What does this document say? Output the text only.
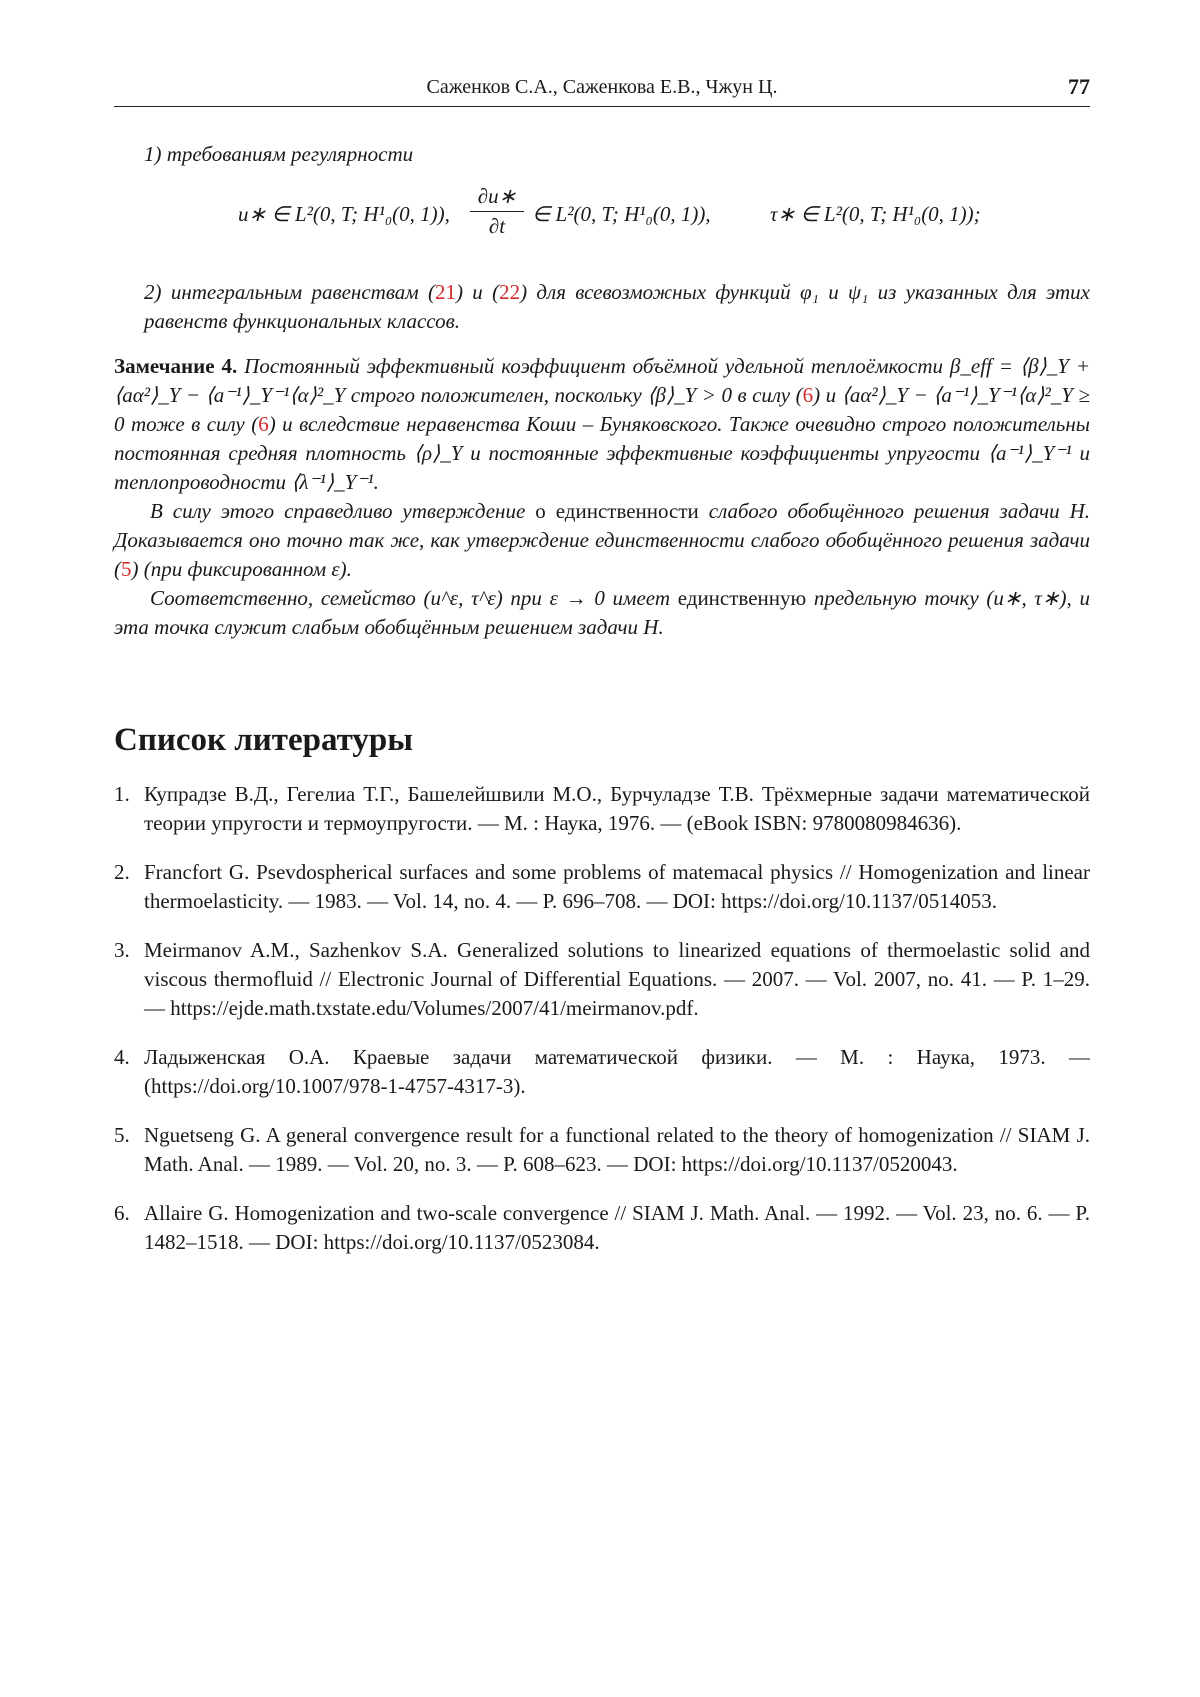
Саженков С.А., Саженкова Е.В., Чжун Ц.	77
1) требованиям регулярности
u∗ ∈ L²(0, T; H¹₀(0, 1)),
∂u∗
∂t	∈ L²(0, T; H¹₀(0, 1)),	τ∗ ∈ L²(0, T; H¹₀(0, 1));
2) интегральным равенствам (21) и (22) для всевозможных функций φ₁ и ψ₁ из указанных для этих равенств функциональных классов.

Замечание 4. Постоянный эффективный коэффициент объёмной удельной теплоёмкости β_eff = ⟨β⟩_Y + ⟨aα²⟩_Y − ⟨a⁻¹⟩_Y⁻¹⟨α⟩²_Y строго положителен, поскольку ⟨β⟩_Y > 0 в силу (6) и ⟨aα²⟩_Y − ⟨a⁻¹⟩_Y⁻¹⟨α⟩²_Y ≥ 0 тоже в силу (6) и вследствие неравенства Коши – Буняковского. Также очевидно строго положительны постоянная средняя плотность ⟨ρ⟩_Y и постоянные эффективные коэффициенты упругости ⟨a⁻¹⟩_Y⁻¹ и теплопроводности ⟨λ⁻¹⟩_Y⁻¹.

В силу этого справедливо утверждение о единственности слабого обобщённого решения задачи H. Доказывается оно точно так же, как утверждение единственности слабого обобщённого решения задачи (5) (при фиксированном ε).

Соответственно, семейство (u^ε, τ^ε) при ε → 0 имеет единственную предельную точку (u∗, τ∗), и эта точка служит слабым обобщённым решением задачи H.

Список литературы
1. Купрадзе В.Д., Гегелиа Т.Г., Башелейшвили М.О., Бурчуладзе Т.В. Трёхмерные задачи математической теории упругости и термоупругости. — М. : Наука, 1976. — (eBook ISBN: 9780080984636).
2. Francfort G. Psevdospherical surfaces and some problems of matemacal physics // Homogenization and linear thermoelasticity. — 1983. — Vol. 14, no. 4. — P. 696–708. — DOI: https://doi.org/10.1137/0514053.
3. Meirmanov A.M., Sazhenkov S.A. Generalized solutions to linearized equations of thermoelastic solid and viscous thermofluid // Electronic Journal of Differential Equations. — 2007. — Vol. 2007, no. 41. — P. 1–29. — https://ejde.math.txstate.edu/Volumes/2007/41/meirmanov.pdf.
4. Ладыженская О.А. Краевые задачи математической физики. — М. : Наука, 1973. — (https://doi.org/10.1007/978-1-4757-4317-3).
5. Nguetseng G. A general convergence result for a functional related to the theory of homogenization // SIAM J. Math. Anal. — 1989. — Vol. 20, no. 3. — P. 608–623. — DOI: https://doi.org/10.1137/0520043.
6. Allaire G. Homogenization and two-scale convergence // SIAM J. Math. Anal. — 1992. — Vol. 23, no. 6. — P. 1482–1518. — DOI: https://doi.org/10.1137/0523084.
